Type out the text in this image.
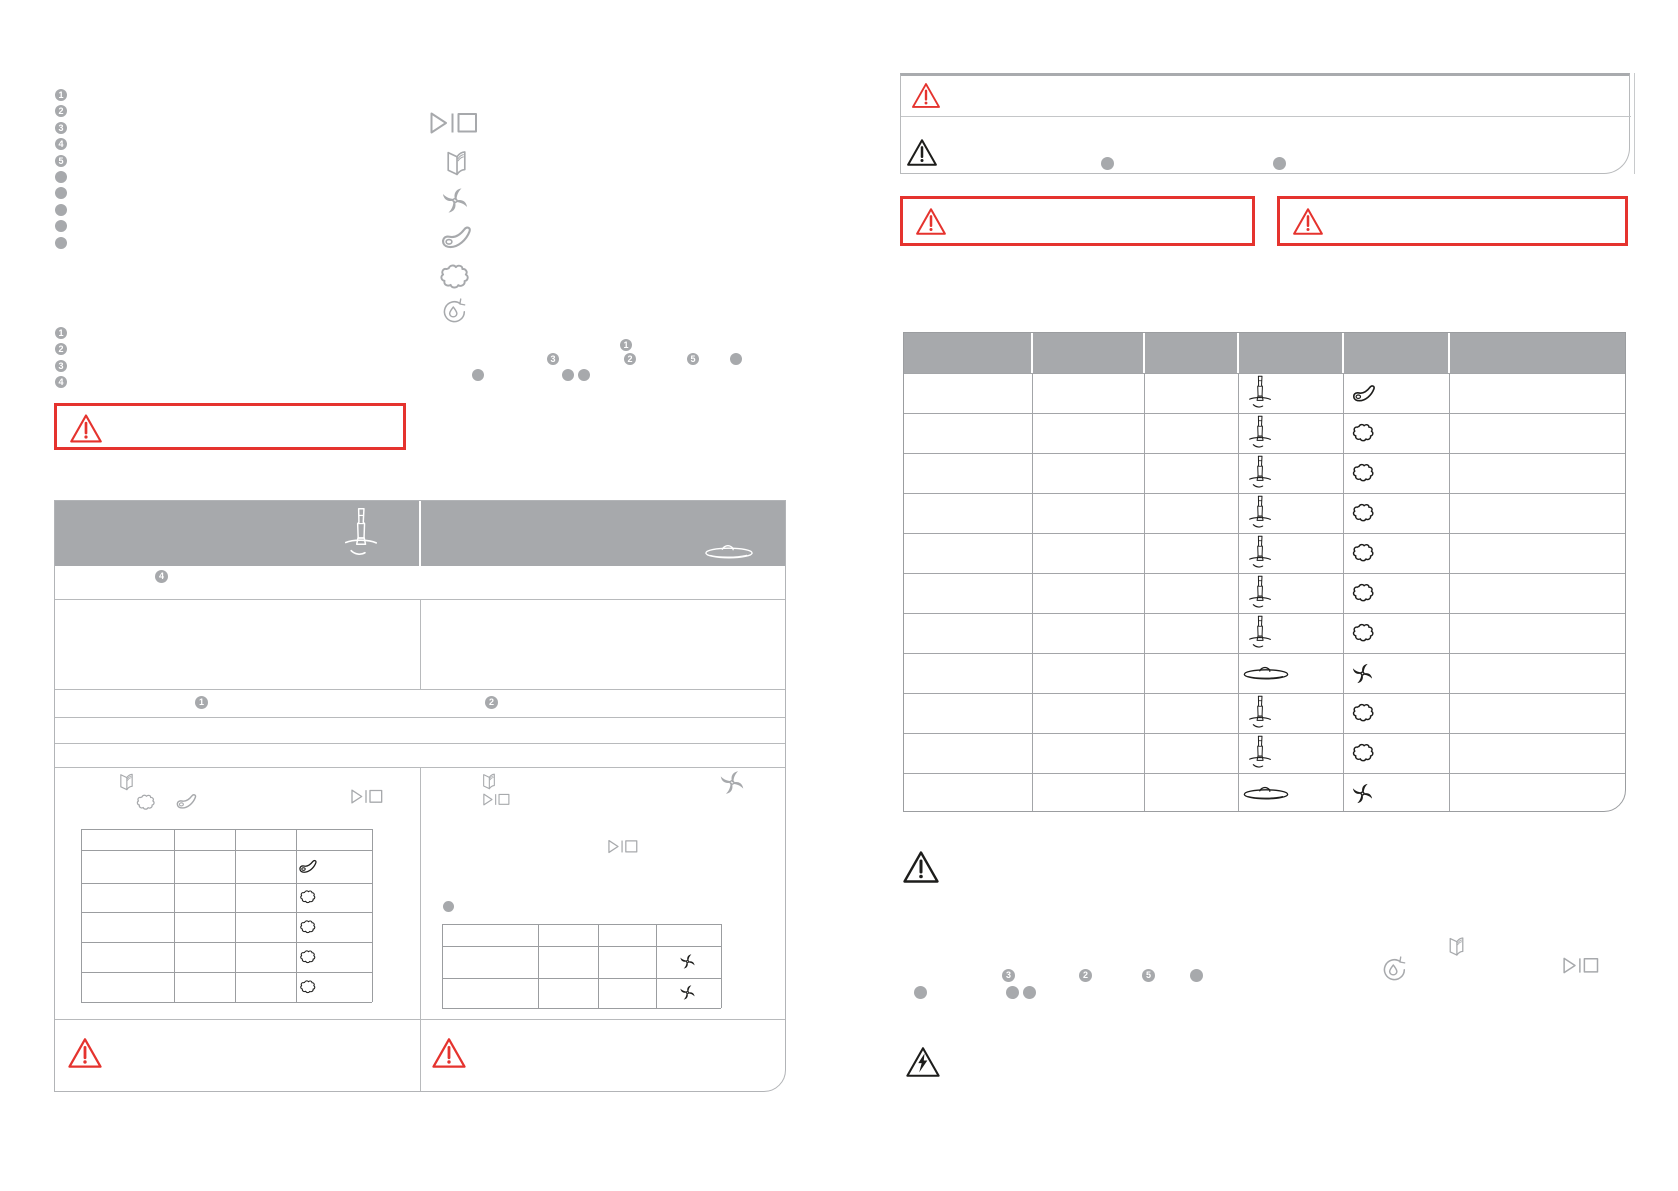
1
2
3
4
5
1
2
3
4
1
3	2	5
4
1	2
3	2	5
